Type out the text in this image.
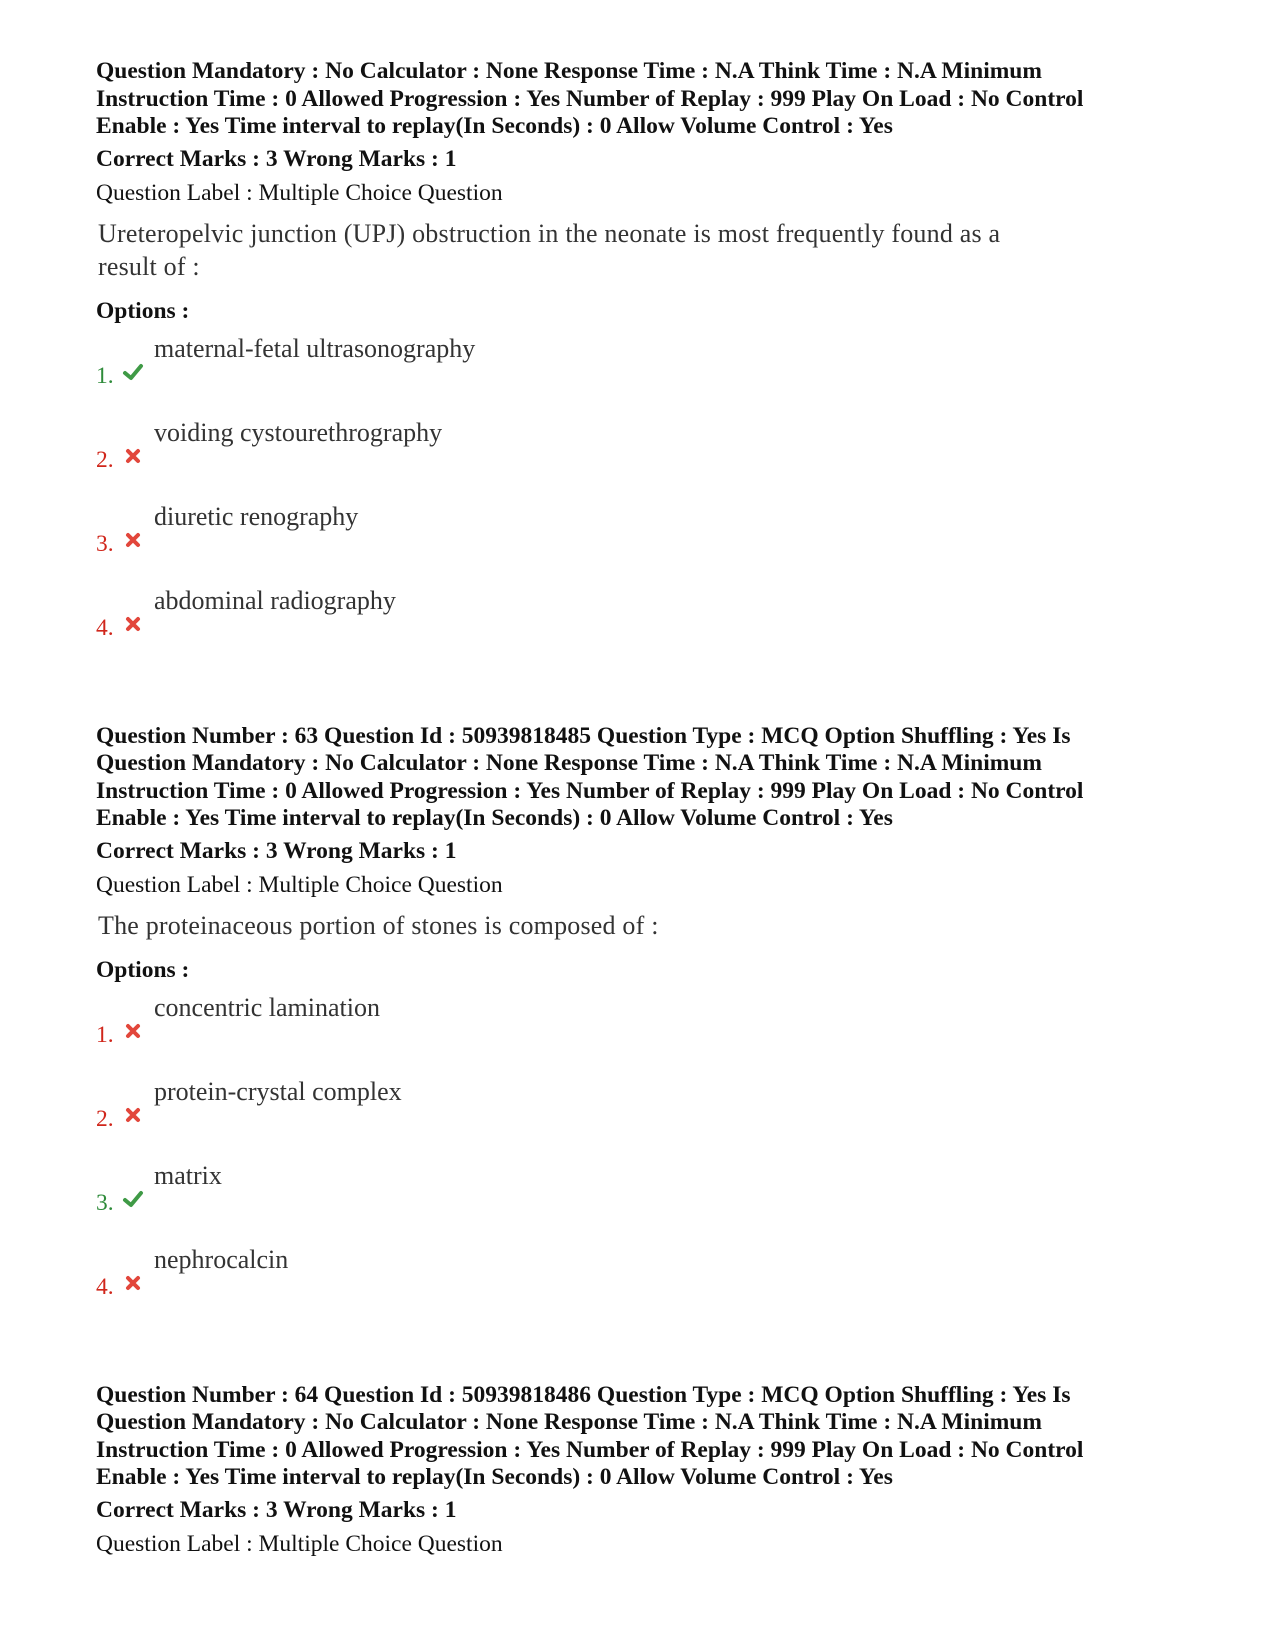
Question Mandatory : No Calculator : None Response Time : N.A Think Time : N.A Minimum
Instruction Time : 0 Allowed Progression : Yes Number of Replay : 999 Play On Load : No Control
Enable : Yes Time interval to replay(In Seconds) : 0 Allow Volume Control : Yes
Correct Marks : 3 Wrong Marks : 1
Question Label : Multiple Choice Question
Ureteropelvic junction (UPJ) obstruction in the neonate is most frequently found as a result of :
Options :
1.
maternal-fetal ultrasonography
2.
voiding cystourethrography
3.
diuretic renography
4.
abdominal radiography
Question Number : 63 Question Id : 50939818485 Question Type : MCQ Option Shuffling : Yes Is
Question Mandatory : No Calculator : None Response Time : N.A Think Time : N.A Minimum
Instruction Time : 0 Allowed Progression : Yes Number of Replay : 999 Play On Load : No Control
Enable : Yes Time interval to replay(In Seconds) : 0 Allow Volume Control : Yes
Correct Marks : 3 Wrong Marks : 1
Question Label : Multiple Choice Question
The proteinaceous portion of stones is composed of :
Options :
1.
concentric lamination
2.
protein-crystal complex
3.
matrix
4.
nephrocalcin
Question Number : 64 Question Id : 50939818486 Question Type : MCQ Option Shuffling : Yes Is
Question Mandatory : No Calculator : None Response Time : N.A Think Time : N.A Minimum
Instruction Time : 0 Allowed Progression : Yes Number of Replay : 999 Play On Load : No Control
Enable : Yes Time interval to replay(In Seconds) : 0 Allow Volume Control : Yes
Correct Marks : 3 Wrong Marks : 1
Question Label : Multiple Choice Question
